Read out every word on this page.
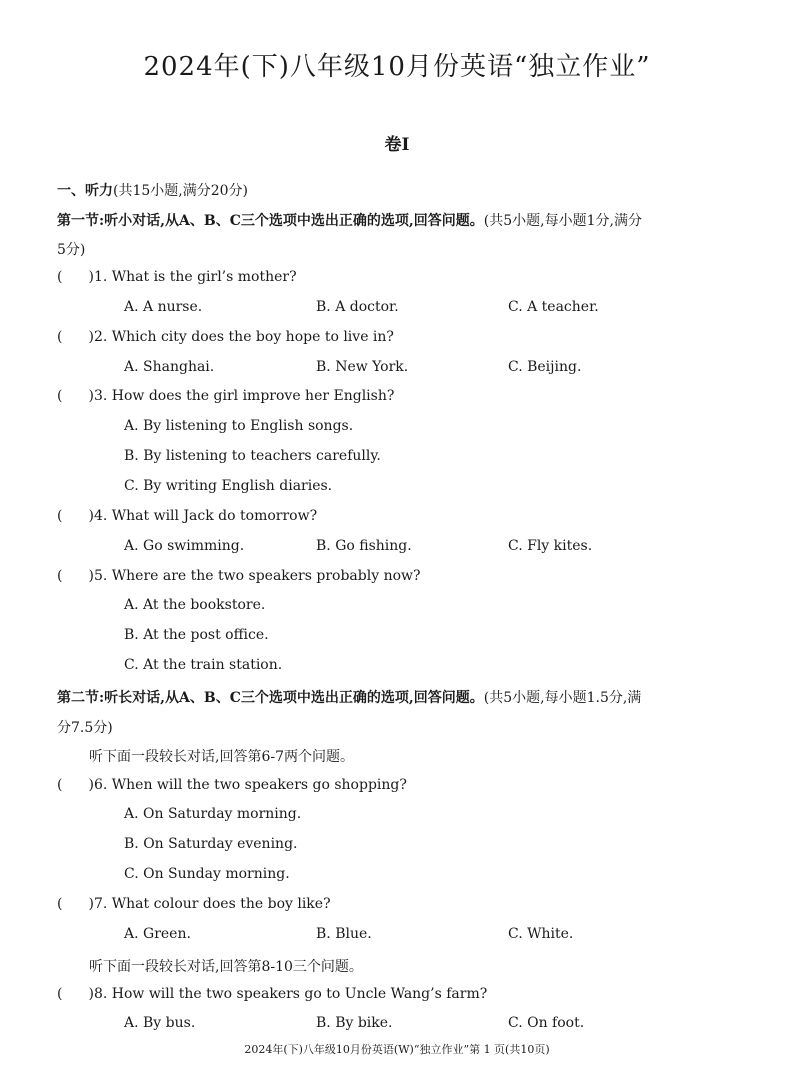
2024年(下)八年级10月份英语“独立作业”
卷Ⅰ
一、听力(共15小题,满分20分)
第一节:听小对话,从A、B、C三个选项中选出正确的选项,回答问题。(共5小题,每小题1分,满分
5分)
( )1. What is the girl’s mother?
A. A nurse.	B. A doctor.	C. A teacher.
( )2. Which city does the boy hope to live in?
A. Shanghai.	B. New York.	C. Beijing.
( )3. How does the girl improve her English?
A. By listening to English songs.
B. By listening to teachers carefully.
C. By writing English diaries.
( )4. What will Jack do tomorrow?
A. Go swimming.	B. Go fishing.	C. Fly kites.
( )5. Where are the two speakers probably now?
A. At the bookstore.
B. At the post office.
C. At the train station.
第二节:听长对话,从A、B、C三个选项中选出正确的选项,回答问题。(共5小题,每小题1.5分,满
分7.5分)
听下面一段较长对话,回答第6-7两个问题。
( )6. When will the two speakers go shopping?
A. On Saturday morning.
B. On Saturday evening.
C. On Sunday morning.
( )7. What colour does the boy like?
A. Green.	B. Blue.	C. White.
听下面一段较长对话,回答第8-10三个问题。
( )8. How will the two speakers go to Uncle Wang’s farm?
A. By bus.	B. By bike.	C. On foot.
2024年(下)八年级10月份英语(W)“独立作业”第 1 页(共10页)
